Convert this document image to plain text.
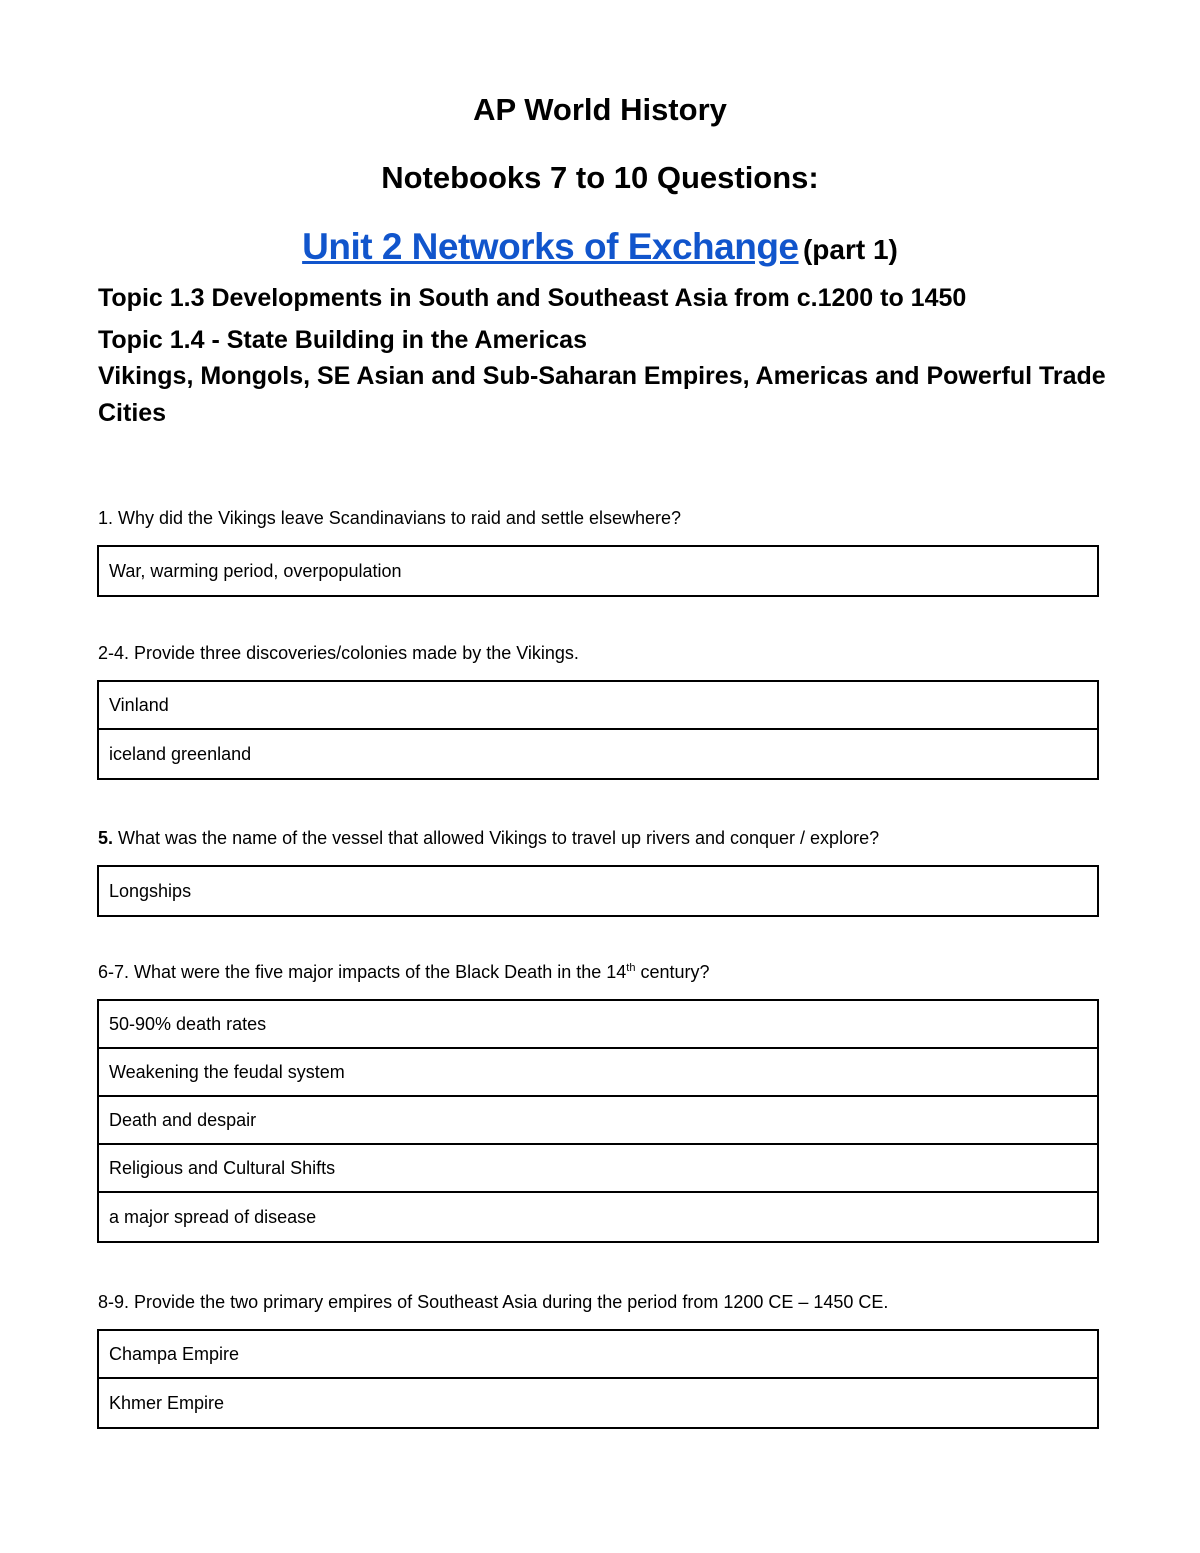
AP World History
Notebooks 7 to 10 Questions:
Unit 2 Networks of Exchange (part 1)
Topic 1.3 Developments in South and Southeast Asia from c.1200 to 1450
Topic 1.4 - State Building in the Americas
Vikings, Mongols, SE Asian and Sub-Saharan Empires, Americas and Powerful Trade Cities
1. Why did the Vikings leave Scandinavians to raid and settle elsewhere?
War, warming period, overpopulation
2-4. Provide three discoveries/colonies made by the Vikings.
Vinland
iceland greenland
5. What was the name of the vessel that allowed Vikings to travel up rivers and conquer / explore?
Longships
6-7. What were the five major impacts of the Black Death in the 14th century?
50-90% death rates
Weakening the feudal system
Death and despair
Religious and Cultural Shifts
a major spread of disease
8-9. Provide the two primary empires of Southeast Asia during the period from 1200 CE – 1450 CE.
Champa Empire
Khmer Empire
